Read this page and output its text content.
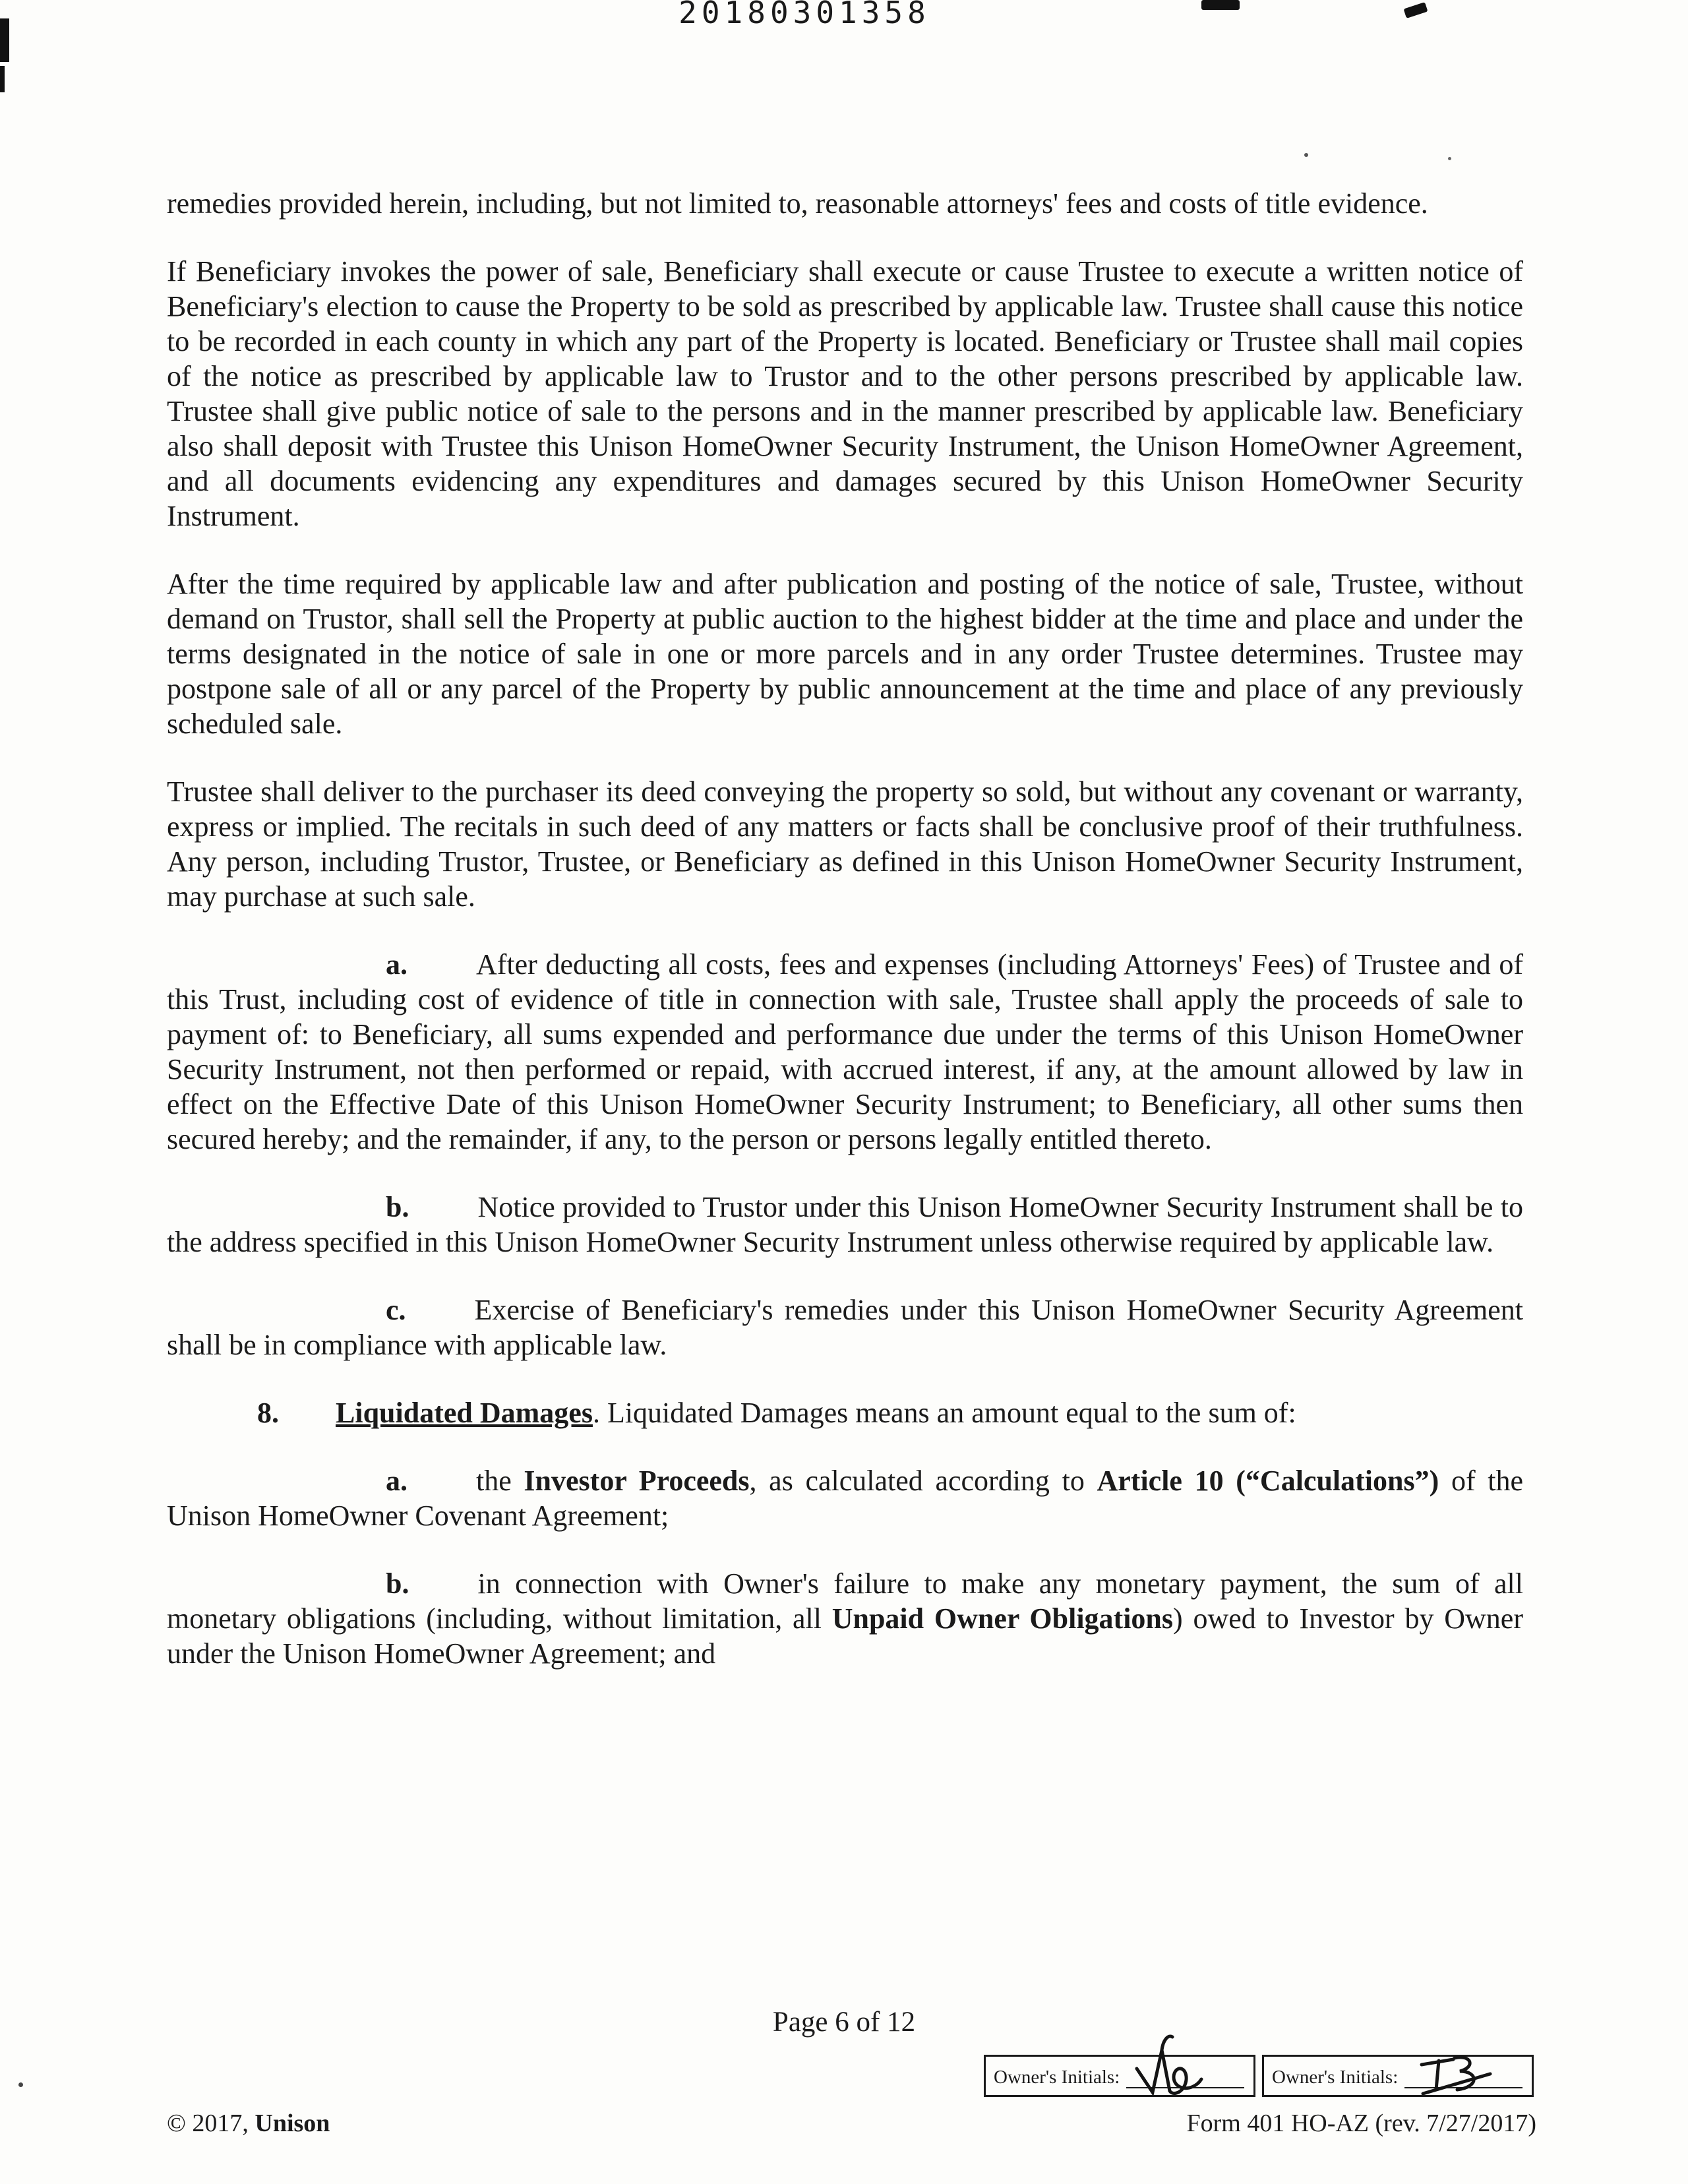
20180301358

remedies provided herein, including, but not limited to, reasonable attorneys' fees and costs of title evidence.

If Beneficiary invokes the power of sale, Beneficiary shall execute or cause Trustee to execute a written notice of Beneficiary's election to cause the Property to be sold as prescribed by applicable law. Trustee shall cause this notice to be recorded in each county in which any part of the Property is located. Beneficiary or Trustee shall mail copies of the notice as prescribed by applicable law to Trustor and to the other persons prescribed by applicable law. Trustee shall give public notice of sale to the persons and in the manner prescribed by applicable law. Beneficiary also shall deposit with Trustee this Unison HomeOwner Security Instrument, the Unison HomeOwner Agreement, and all documents evidencing any expenditures and damages secured by this Unison HomeOwner Security Instrument.

After the time required by applicable law and after publication and posting of the notice of sale, Trustee, without demand on Trustor, shall sell the Property at public auction to the highest bidder at the time and place and under the terms designated in the notice of sale in one or more parcels and in any order Trustee determines. Trustee may postpone sale of all or any parcel of the Property by public announcement at the time and place of any previously scheduled sale.

Trustee shall deliver to the purchaser its deed conveying the property so sold, but without any covenant or warranty, express or implied. The recitals in such deed of any matters or facts shall be conclusive proof of their truthfulness. Any person, including Trustor, Trustee, or Beneficiary as defined in this Unison HomeOwner Security Instrument, may purchase at such sale.

a. After deducting all costs, fees and expenses (including Attorneys' Fees) of Trustee and of this Trust, including cost of evidence of title in connection with sale, Trustee shall apply the proceeds of sale to payment of: to Beneficiary, all sums expended and performance due under the terms of this Unison HomeOwner Security Instrument, not then performed or repaid, with accrued interest, if any, at the amount allowed by law in effect on the Effective Date of this Unison HomeOwner Security Instrument; to Beneficiary, all other sums then secured hereby; and the remainder, if any, to the person or persons legally entitled thereto.

b. Notice provided to Trustor under this Unison HomeOwner Security Instrument shall be to the address specified in this Unison HomeOwner Security Instrument unless otherwise required by applicable law.

c. Exercise of Beneficiary's remedies under this Unison HomeOwner Security Agreement shall be in compliance with applicable law.

8. Liquidated Damages. Liquidated Damages means an amount equal to the sum of:

a. the Investor Proceeds, as calculated according to Article 10 (“Calculations”) of the Unison HomeOwner Covenant Agreement;

b. in connection with Owner's failure to make any monetary payment, the sum of all monetary obligations (including, without limitation, all Unpaid Owner Obligations) owed to Investor by Owner under the Unison HomeOwner Agreement; and

Page 6 of 12
Owner's Initials:	Owner's Initials:
© 2017, Unison	Form 401 HO-AZ (rev. 7/27/2017)
